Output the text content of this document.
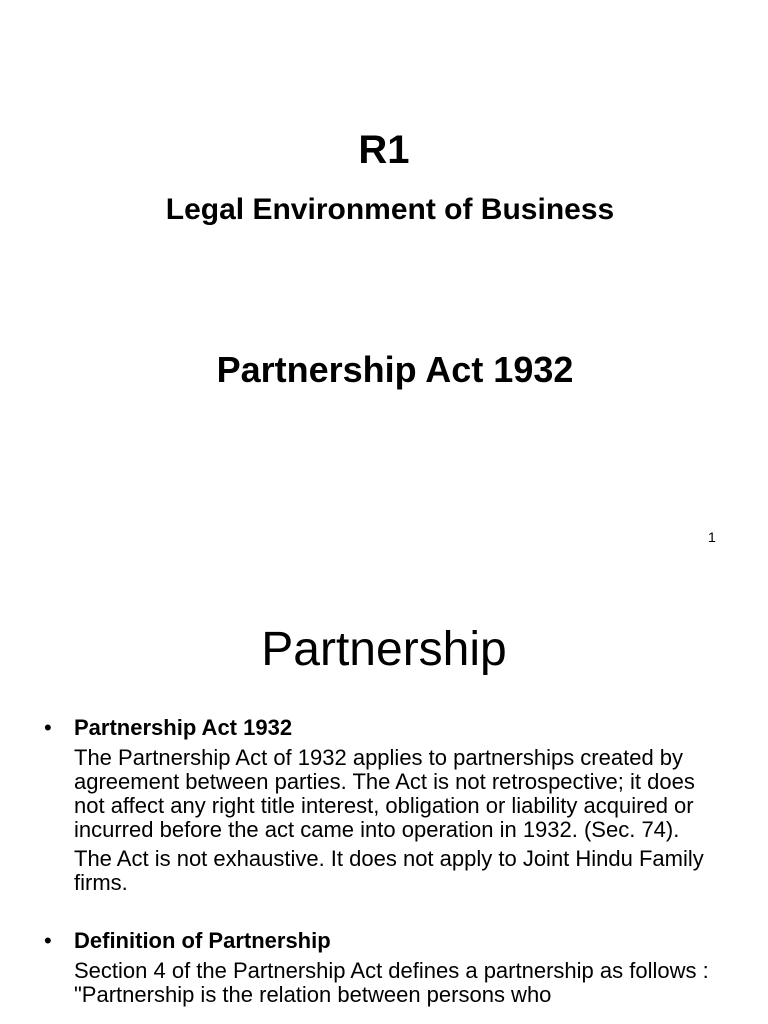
R1
Legal Environment of Business
Partnership Act 1932
1
Partnership
• Partnership Act 1932

The Partnership Act of 1932 applies to partnerships created by agreement between parties. The Act is not retrospective; it does not affect any right title interest, obligation or liability acquired or incurred before the act came into operation in 1932. (Sec. 74).

The Act is not exhaustive. It does not apply to Joint Hindu Family firms.

• Definition of Partnership

Section 4 of the Partnership Act defines a partnership as follows : "Partnership is the relation between persons who
